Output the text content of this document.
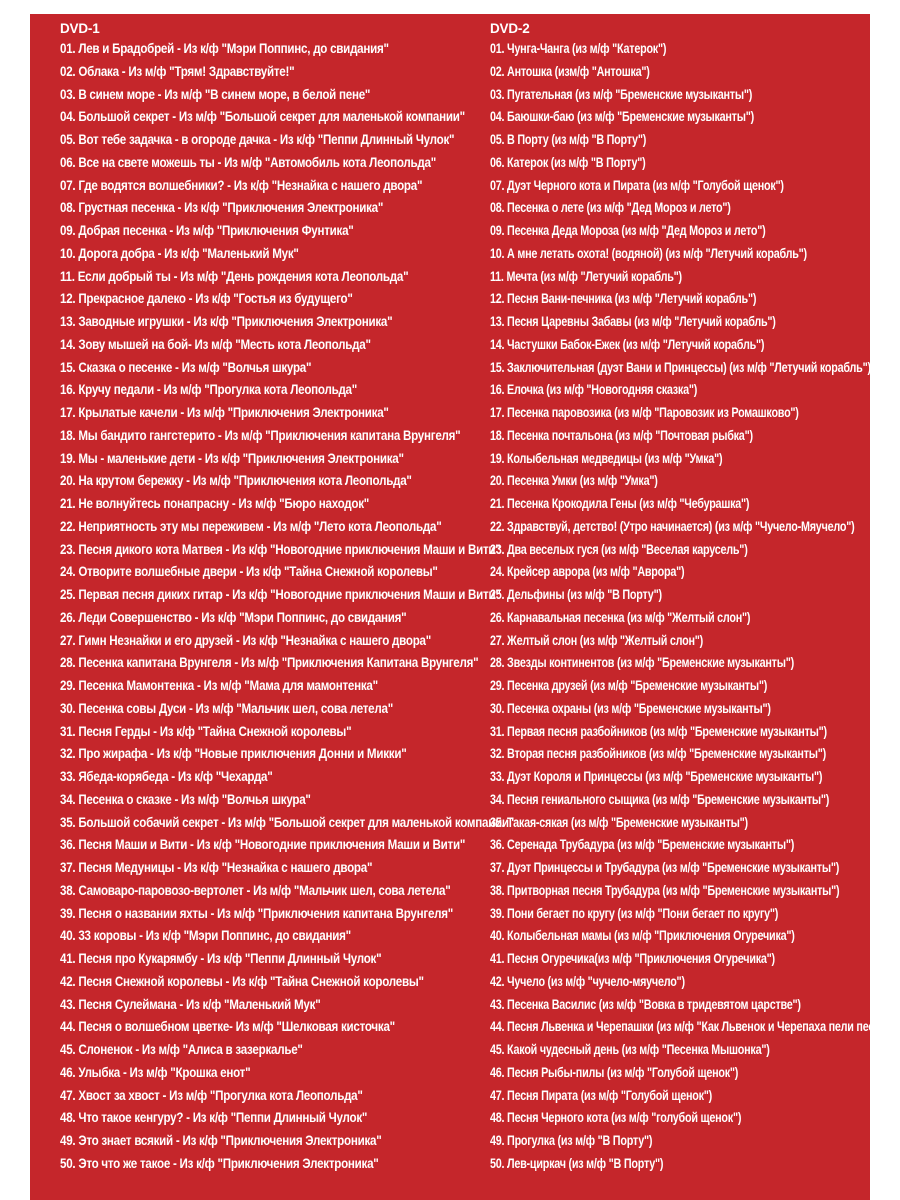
DVD-1
01. Лев и Брадобрей - Из к/ф "Мэри Поппинс, до свидания"
02. Облака - Из м/ф "Трям! Здравствуйте!"
03. В синем море - Из м/ф "В синем море, в белой пене"
04. Большой секрет - Из м/ф "Большой секрет для маленькой компании"
05. Вот тебе задачка - в огороде дачка - Из к/ф "Пеппи Длинный Чулок"
06. Все на свете можешь ты - Из м/ф "Автомобиль кота Леопольда"
07. Где водятся волшебники? - Из к/ф "Незнайка с нашего двора"
08. Грустная песенка - Из к/ф "Приключения Электроника"
09. Добрая песенка - Из м/ф "Приключения Фунтика"
10. Дорога добра - Из к/ф "Маленький Мук"
11. Если добрый ты - Из м/ф "День рождения кота Леопольда"
12. Прекрасное далеко - Из к/ф "Гостья из будущего"
13. Заводные игрушки - Из к/ф "Приключения Электроника"
14. Зову мышей на бой- Из м/ф "Месть кота Леопольда"
15. Сказка о песенке - Из м/ф "Волчья шкура"
16. Кручу педали - Из м/ф "Прогулка кота Леопольда"
17. Крылатые качели - Из м/ф "Приключения Электроника"
18. Мы бандито гангстерито - Из м/ф "Приключения капитана Врунгеля"
19. Мы - маленькие дети - Из к/ф "Приключения Электроника"
20. На крутом бережку - Из м/ф "Приключения кота Леопольда"
21. Не волнуйтесь понапрасну - Из м/ф "Бюро находок"
22. Неприятность эту мы переживем - Из м/ф "Лето кота Леопольда"
23. Песня дикого кота Матвея - Из к/ф "Новогодние приключения Маши и Вити"
24. Отворите волшебные двери - Из к/ф "Тайна Снежной королевы"
25. Первая песня диких гитар - Из к/ф "Новогодние приключения Маши и Вити"
26. Леди Совершенство - Из к/ф "Мэри Поппинс, до свидания"
27. Гимн Незнайки и его друзей - Из к/ф "Незнайка с нашего двора"
28. Песенка капитана Врунгеля - Из м/ф "Приключения Капитана Врунгеля"
29. Песенка Мамонтенка - Из м/ф "Мама для мамонтенка"
30. Песенка совы Дуси - Из м/ф "Мальчик шел, сова летела"
31. Песня Герды - Из к/ф "Тайна Снежной королевы"
32. Про жирафа - Из к/ф "Новые приключения Донни и Микки"
33. Ябеда-корябеда - Из к/ф "Чехарда"
34. Песенка о сказке - Из м/ф "Волчья шкура"
35. Большой собачий секрет - Из м/ф "Большой секрет для маленькой компании"
36. Песня Маши и Вити - Из к/ф "Новогодние приключения Маши и Вити"
37. Песня Медуницы - Из к/ф "Незнайка с нашего двора"
38. Самоваро-паровозо-вертолет - Из м/ф "Мальчик шел, сова летела"
39. Песня о названии яхты - Из м/ф "Приключения капитана Врунгеля"
40. 33 коровы - Из к/ф "Мэри Поппинс, до свидания"
41. Песня про Кукарямбу - Из к/ф "Пеппи Длинный Чулок"
42. Песня Снежной королевы - Из к/ф "Тайна Снежной королевы"
43. Песня Сулеймана - Из к/ф "Маленький Мук"
44. Песня о волшебном цветке- Из м/ф "Шелковая кисточка"
45. Слоненок - Из м/ф "Алиса в зазеркалье"
46. Улыбка - Из м/ф "Крошка енот"
47. Хвост за хвост - Из м/ф "Прогулка кота Леопольда"
48. Что такое кенгуру? - Из к/ф "Пеппи Длинный Чулок"
49. Это знает всякий - Из к/ф "Приключения Электроника"
50. Это что же такое - Из к/ф "Приключения Электроника"
DVD-2
01. Чунга-Чанга (из м/ф "Катерок")
02. Антошка (изм/ф "Антошка")
03. Пугательная (из м/ф "Бременские музыканты")
04. Баюшки-баю (из м/ф "Бременские музыканты")
05. В Порту (из м/ф "В Порту")
06. Катерок (из м/ф "В Порту")
07. Дуэт Черного кота и Пирата (из м/ф "Голубой щенок")
08. Песенка о лете (из м/ф "Дед Мороз и лето")
09. Песенка Деда Мороза (из м/ф "Дед Мороз и лето")
10. А мне летать охота! (водяной) (из м/ф "Летучий корабль")
11. Мечта (из м/ф "Летучий корабль")
12. Песня Вани-печника (из м/ф "Летучий корабль")
13. Песня Царевны Забавы (из м/ф "Летучий корабль")
14. Частушки Бабок-Ежек (из м/ф "Летучий корабль")
15. Заключительная (дуэт Вани и Принцессы) (из м/ф "Летучий корабль")
16. Елочка (из м/ф "Новогодняя сказка")
17. Песенка паровозика (из м/ф "Паровозик из Ромашково")
18. Песенка почтальона (из м/ф "Почтовая рыбка")
19. Колыбельная медведицы (из м/ф "Умка")
20. Песенка Умки (из м/ф "Умка")
21. Песенка Крокодила Гены (из м/ф "Чебурашка")
22. Здравствуй, детство! (Утро начинается) (из м/ф "Чучело-Мяучело")
23. Два веселых гуся (из м/ф "Веселая карусель")
24. Крейсер аврора (из м/ф "Аврора")
25. Дельфины (из м/ф "В Порту")
26. Карнавальная песенка (из м/ф "Желтый слон")
27. Желтый слон (из м/ф "Желтый слон")
28. Звезды континентов (из м/ф "Бременские музыканты")
29. Песенка друзей (из м/ф "Бременские музыканты")
30. Песенка охраны (из м/ф "Бременские музыканты")
31. Первая песня разбойников (из м/ф "Бременские музыканты")
32. Вторая песня разбойников (из м/ф "Бременские музыканты")
33. Дуэт Короля и Принцессы (из м/ф "Бременские музыканты")
34. Песня гениального сыщика (из м/ф "Бременские музыканты")
35. Такая-сякая (из м/ф "Бременские музыканты")
36. Серенада Трубадура (из м/ф "Бременские музыканты")
37. Дуэт Принцессы и Трубадура (из м/ф "Бременские музыканты")
38. Притворная песня Трубадура (из м/ф "Бременские музыканты")
39. Пони бегает по кругу (из м/ф "Пони бегает по кругу")
40. Колыбельная мамы (из м/ф "Приключения Огуречика")
41. Песня Огуречика(из м/ф "Приключения Огуречика")
42. Чучело (из м/ф "чучело-мяучело")
43. Песенка Василис (из м/ф "Вовка в тридевятом царстве")
44. Песня Львенка и Черепашки (из м/ф "Как Львенок и Черепаха пели песню")
45. Какой чудесный день (из м/ф "Песенка Мышонка")
46. Песня Рыбы-пилы (из м/ф "Голубой щенок")
47. Песня Пирата (из м/ф "Голубой щенок")
48. Песня Черного кота (из м/ф "голубой щенок")
49. Прогулка (из м/ф "В Порту")
50. Лев-циркач (из м/ф "В Порту")
